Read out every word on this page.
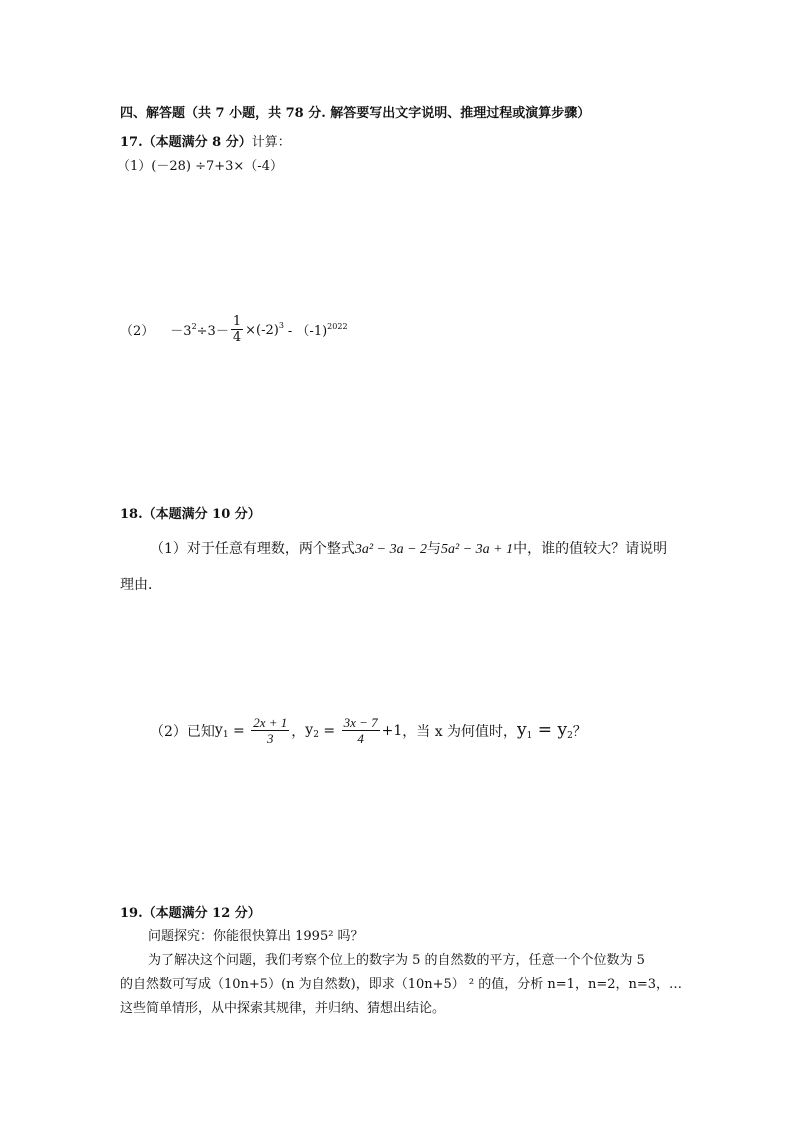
四、解答题（共 7 小题，共 78 分. 解答要写出文字说明、推理过程或演算步骤）
17.（本题满分 8 分）计算：
（1）(－28) ÷7+3×（-4）
$(2) -3^2 \div 3- \frac{1}{4} \times(-2)^3 - (-1)^{2022}$
18.（本题满分 10 分）
（1）对于任意有理数，两个整式3a² − 3a − 2与5a² − 3a + 1中，谁的值较大？请说明
理由．
（2）已知 $y_1 = \frac{2x + 1}{3}$ ， $y_2 = \frac{3x - 7}{4} +1$ ，当 x 为何值时， $y_1 = y_2$ ？
19.（本题满分 12 分）
问题探究：你能很快算出 1995² 吗？
为了解决这个问题，我们考察个位上的数字为 5 的自然数的平方，任意一个个位数为 5
的自然数可写成（10n+5）(n 为自然数)，即求（10n+5） ² 的值，分析 n=1，n=2，n=3，…
这些简单情形，从中探索其规律，并归纳、猜想出结论。
